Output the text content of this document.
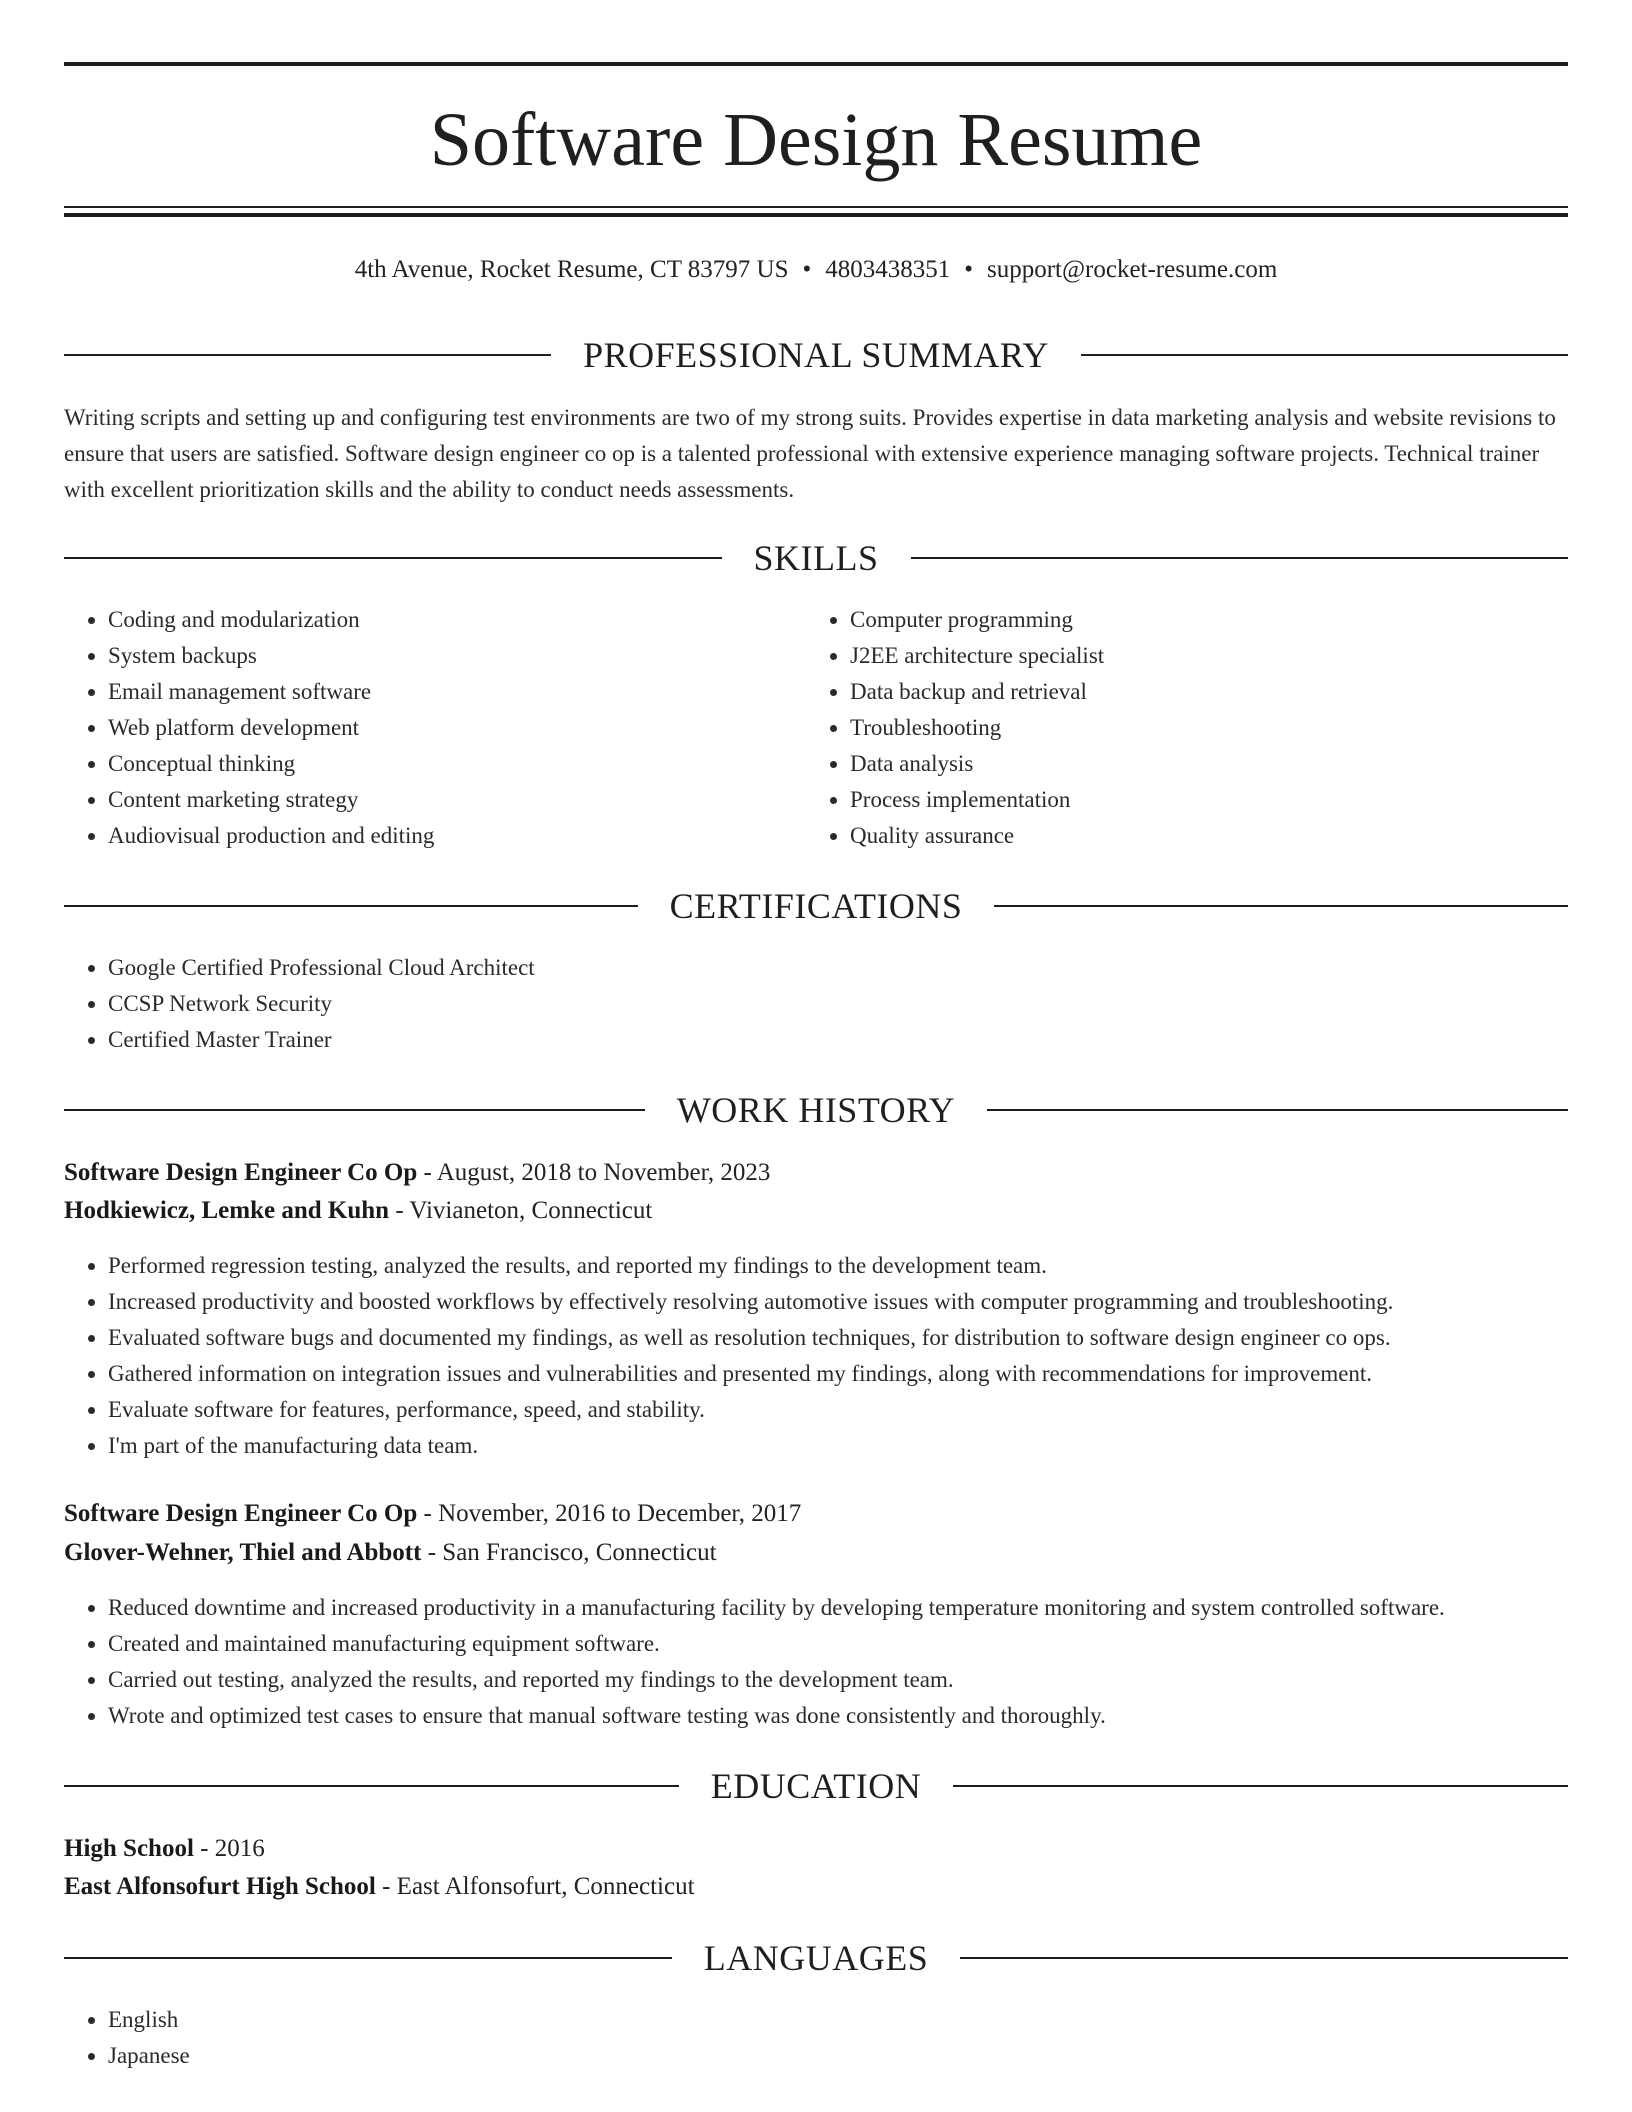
Software Design Resume
4th Avenue, Rocket Resume, CT 83797 US • 4803438351 • support@rocket-resume.com
PROFESSIONAL SUMMARY

Writing scripts and setting up and configuring test environments are two of my strong suits. Provides expertise in data marketing analysis and website revisions to ensure that users are satisfied. Software design engineer co op is a talented professional with extensive experience managing software projects. Technical trainer with excellent prioritization skills and the ability to conduct needs assessments.

SKILLS
• Coding and modularization
• System backups
• Email management software
• Web platform development
• Conceptual thinking
• Content marketing strategy
• Audiovisual production and editing
• Computer programming
• J2EE architecture specialist
• Data backup and retrieval
• Troubleshooting
• Data analysis
• Process implementation
• Quality assurance
CERTIFICATIONS
• Google Certified Professional Cloud Architect
• CCSP Network Security
• Certified Master Trainer
WORK HISTORY
Software Design Engineer Co Op - August, 2018 to November, 2023
Hodkiewicz, Lemke and Kuhn - Vivianeton, Connecticut
• Performed regression testing, analyzed the results, and reported my findings to the development team.
• Increased productivity and boosted workflows by effectively resolving automotive issues with computer programming and troubleshooting.
• Evaluated software bugs and documented my findings, as well as resolution techniques, for distribution to software design engineer co ops.
• Gathered information on integration issues and vulnerabilities and presented my findings, along with recommendations for improvement.
• Evaluate software for features, performance, speed, and stability.
• I'm part of the manufacturing data team.
Software Design Engineer Co Op - November, 2016 to December, 2017
Glover-Wehner, Thiel and Abbott - San Francisco, Connecticut
• Reduced downtime and increased productivity in a manufacturing facility by developing temperature monitoring and system controlled software.
• Created and maintained manufacturing equipment software.
• Carried out testing, analyzed the results, and reported my findings to the development team.
• Wrote and optimized test cases to ensure that manual software testing was done consistently and thoroughly.
EDUCATION
High School - 2016
East Alfonsofurt High School - East Alfonsofurt, Connecticut
LANGUAGES
• English
• Japanese
